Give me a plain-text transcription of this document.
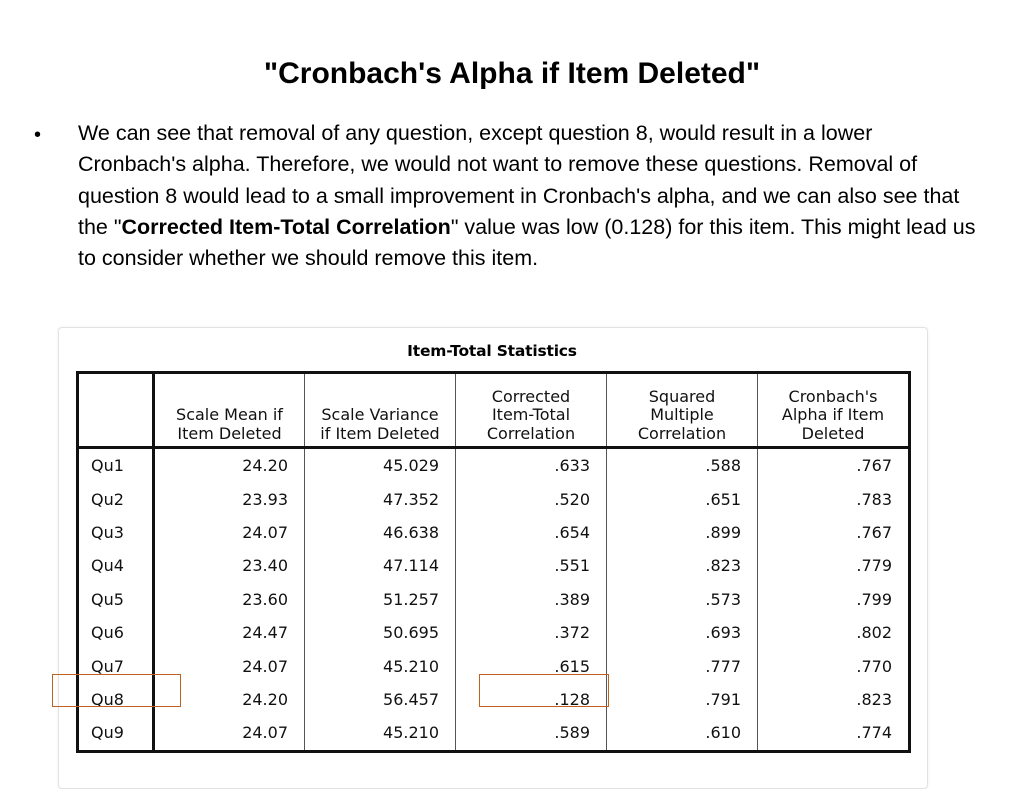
"Cronbach's Alpha if Item Deleted"
• We can see that removal of any question, except question 8, would result in a lower Cronbach's alpha. Therefore, we would not want to remove these questions. Removal of question 8 would lead to a small improvement in Cronbach's alpha, and we can also see that the "Corrected Item-Total Correlation" value was low (0.128) for this item. This might lead us to consider whether we should remove this item.
Item-Total Statistics

	Scale Mean if Item Deleted	Scale Variance if Item Deleted	Corrected Item-Total Correlation	Squared Multiple Correlation	Cronbach's Alpha if Item Deleted

Qu1	24.20	45.029	.633	.588	.767
Qu2	23.93	47.352	.520	.651	.783
Qu3	24.07	46.638	.654	.899	.767
Qu4	23.40	47.114	.551	.823	.779
Qu5	23.60	51.257	.389	.573	.799
Qu6	24.47	50.695	.372	.693	.802
Qu7	24.07	45.210	.615	.777	.770
Qu8	24.20	56.457	.128	.791	.823
Qu9	24.07	45.210	.589	.610	.774
